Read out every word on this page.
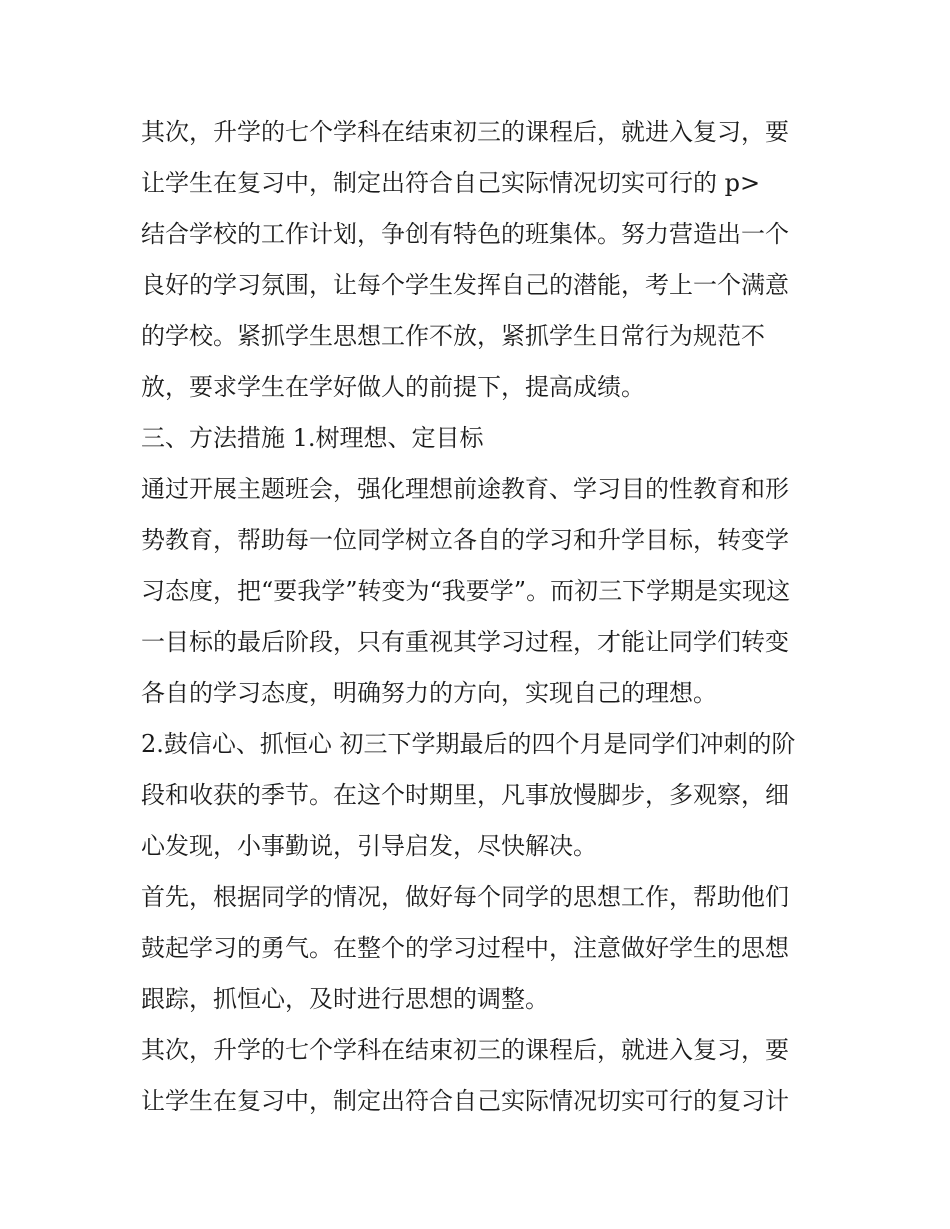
其次，升学的七个学科在结束初三的课程后，就进入复习，要
让学生在复习中，制定出符合自己实际情况切实可行的 p>
结合学校的工作计划，争创有特色的班集体。努力营造出一个
良好的学习氛围，让每个学生发挥自己的潜能，考上一个满意
的学校。紧抓学生思想工作不放，紧抓学生日常行为规范不
放，要求学生在学好做人的前提下，提高成绩。
三、方法措施 1.树理想、定目标
通过开展主题班会，强化理想前途教育、学习目的性教育和形
势教育，帮助每一位同学树立各自的学习和升学目标，转变学
习态度，把“要我学”转变为“我要学”。而初三下学期是实现这
一目标的最后阶段，只有重视其学习过程，才能让同学们转变
各自的学习态度，明确努力的方向，实现自己的理想。
2.鼓信心、抓恒心 初三下学期最后的四个月是同学们冲刺的阶
段和收获的季节。在这个时期里，凡事放慢脚步，多观察，细
心发现，小事勤说，引导启发，尽快解决。
首先，根据同学的情况，做好每个同学的思想工作，帮助他们
鼓起学习的勇气。在整个的学习过程中，注意做好学生的思想
跟踪，抓恒心，及时进行思想的调整。
其次，升学的七个学科在结束初三的课程后，就进入复习，要
让学生在复习中，制定出符合自己实际情况切实可行的复习计
